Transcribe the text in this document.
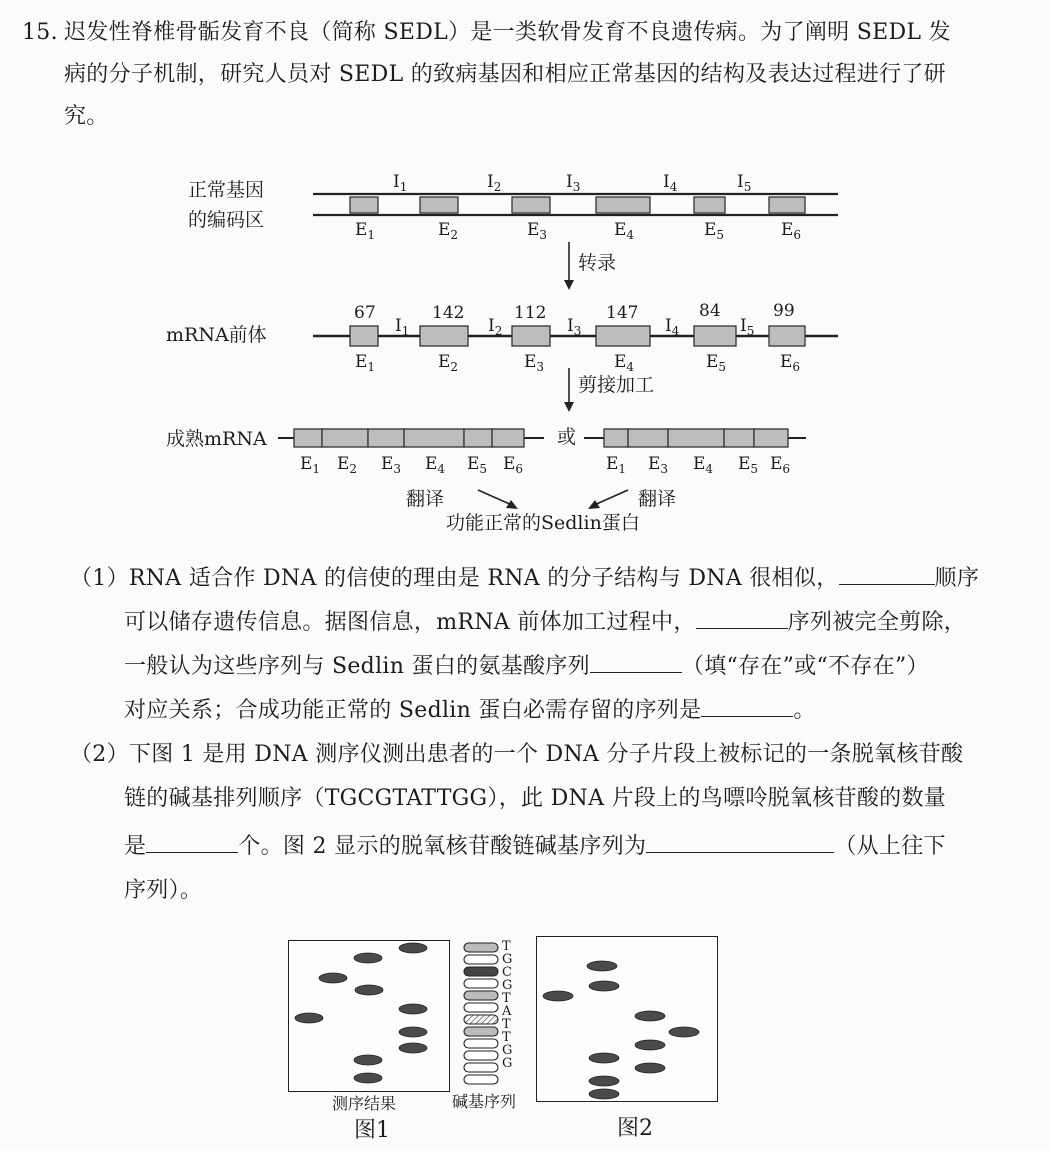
15. 迟发性脊椎骨骺发育不良（简称 SEDL）是一类软骨发育不良遗传病。为了阐明 SEDL 发
病的分子机制，研究人员对 SEDL 的致病基因和相应正常基因的结构及表达过程进行了研
究。
正常基因
的编码区
$I_1$	$I_2$	$I_3$	$I_4$	$I_5$
$E_1$	$E_2$	$E_3$	$E_4$	$E_5$	$E_6$
转录
mRNA前体
67	142	112	147	84	99
$I_1$	$I_2$	$I_3$	$I_4$	$I_5$
$E_1$	$E_2$	$E_3$	$E_4$	$E_5$	$E_6$
剪接加工
成熟mRNA	或
$E_1$ $E_2$ $E_3$ $E_4$ $E_5$ $E_6$	$E_1$ $E_3$ $E_4$ $E_5$ $E_6$
翻译	翻译
功能正常的Sedlin蛋白
（1）RNA 适合作 DNA 的信使的理由是 RNA 的分子结构与 DNA 很相似，	顺序
可以储存遗传信息。据图信息，mRNA 前体加工过程中，	序列被完全剪除，
一般认为这些序列与 Sedlin 蛋白的氨基酸序列	（填“存在”或“不存在”）
对应关系；合成功能正常的 Sedlin 蛋白必需存留的序列是	。
（2）下图 1 是用 DNA 测序仪测出患者的一个 DNA 分子片段上被标记的一条脱氧核苷酸
链的碱基排列顺序（TGCGTATTGG），此 DNA 片段上的鸟嘌呤脱氧核苷酸的数量
是	个。图 2 显示的脱氧核苷酸链碱基序列为	（从上往下
序列）。
T
G
C
G
T
A
T
T
G
G
测序结果	碱基序列
图1	图2
